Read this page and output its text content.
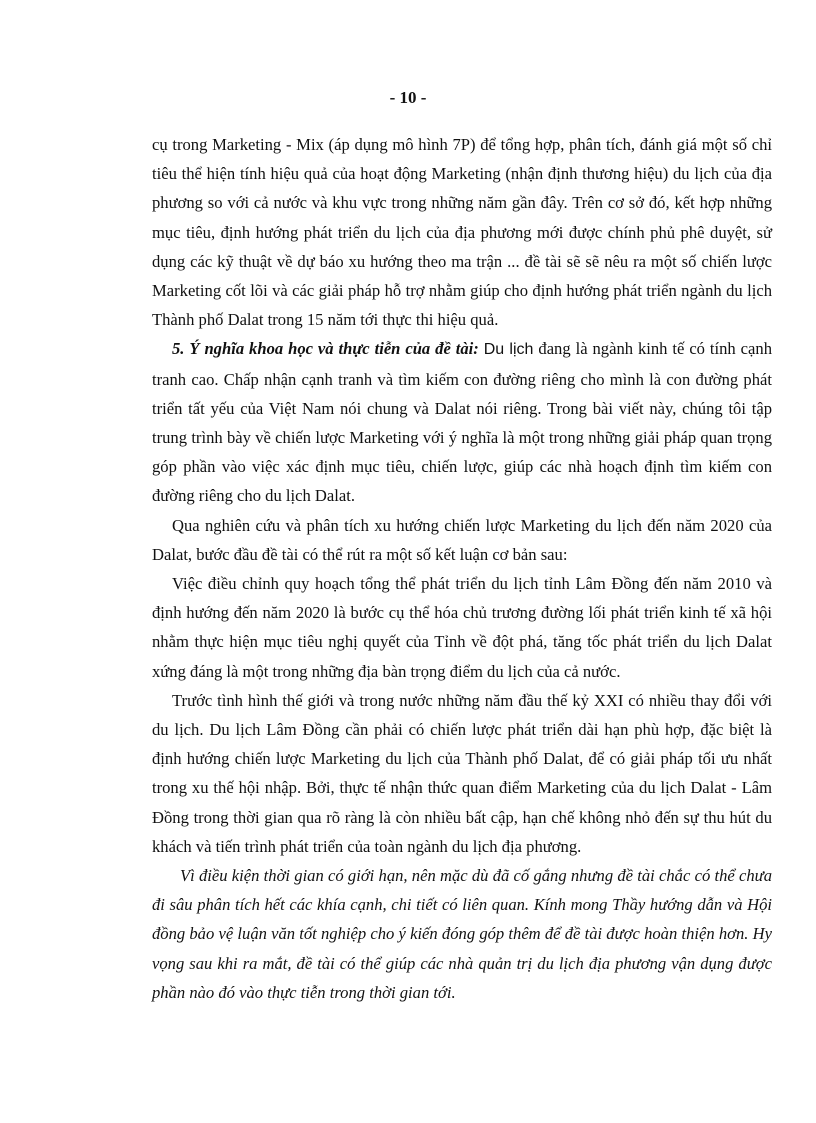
- 10 -

cụ trong Marketing - Mix (áp dụng mô hình 7P) để tổng hợp, phân tích, đánh giá một số chỉ tiêu thể hiện tính hiệu quả của hoạt động Marketing (nhận định thương hiệu) du lịch của địa phương so với cả nước và khu vực trong những năm gần đây. Trên cơ sở đó, kết hợp những mục tiêu, định hướng phát triển du lịch của địa phương mới được chính phủ phê duyệt, sử dụng các kỹ thuật về dự báo xu hướng theo ma trận ... đề tài sẽ sẽ nêu ra một số chiến lược Marketing cốt lõi và các giải pháp hỗ trợ nhằm giúp cho định hướng phát triển ngành du lịch Thành phố Dalat trong 15 năm tới thực thi hiệu quả.

5. Ý nghĩa khoa học và thực tiễn của đề tài: Du lịch đang là ngành kinh tế có tính cạnh tranh cao. Chấp nhận cạnh tranh và tìm kiếm con đường riêng cho mình là con đường phát triển tất yếu của Việt Nam nói chung và Dalat nói riêng. Trong bài viết này, chúng tôi tập trung trình bày về chiến lược Marketing với ý nghĩa là một trong những giải pháp quan trọng góp phần vào việc xác định mục tiêu, chiến lược, giúp các nhà hoạch định tìm kiếm con đường riêng cho du lịch Dalat.

Qua nghiên cứu và phân tích xu hướng chiến lược Marketing du lịch đến năm 2020 của Dalat, bước đầu đề tài có thể rút ra một số kết luận cơ bản sau:

Việc điều chỉnh quy hoạch tổng thể phát triển du lịch tỉnh Lâm Đồng đến năm 2010 và định hướng đến năm 2020 là bước cụ thể hóa chủ trương đường lối phát triển kinh tế xã hội nhằm thực hiện mục tiêu nghị quyết của Tỉnh về đột phá, tăng tốc phát triển du lịch Dalat xứng đáng là một trong những địa bàn trọng điểm du lịch của cả nước.

Trước tình hình thế giới và trong nước những năm đầu thế kỷ XXI có nhiều thay đổi với du lịch. Du lịch Lâm Đồng cần phải có chiến lược phát triển dài hạn phù hợp, đặc biệt là định hướng chiến lược Marketing du lịch của Thành phố Dalat, để có giải pháp tối ưu nhất trong xu thế hội nhập. Bởi, thực tế nhận thức quan điểm Marketing của du lịch Dalat - Lâm Đồng trong thời gian qua rõ ràng là còn nhiều bất cập, hạn chế không nhỏ đến sự thu hút du khách và tiến trình phát triển của toàn ngành du lịch địa phương.

Vì điều kiện thời gian có giới hạn, nên mặc dù đã cố gắng nhưng đề tài chắc có thể chưa đi sâu phân tích hết các khía cạnh, chi tiết có liên quan. Kính mong Thầy hướng dẫn và Hội đồng bảo vệ luận văn tốt nghiệp cho ý kiến đóng góp thêm để đề tài được hoàn thiện hơn. Hy vọng sau khi ra mắt, đề tài có thể giúp các nhà quản trị du lịch địa phương vận dụng được phần nào đó vào thực tiễn trong thời gian tới.
